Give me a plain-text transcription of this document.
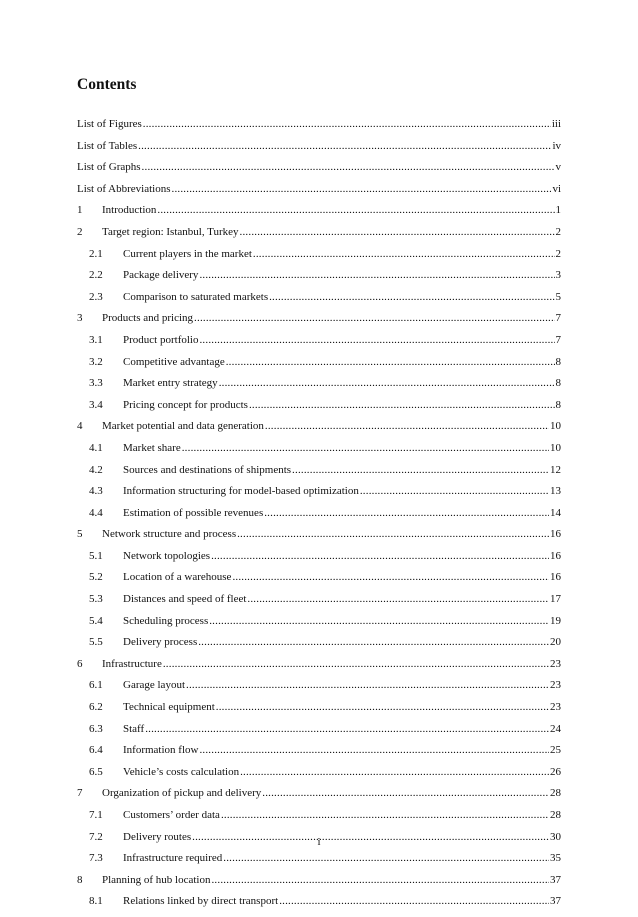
Contents
List of Figures .....	iii
List of Tables .....	iv
List of Graphs .....	v
List of Abbreviations .....	vi
1	Introduction .....	1
2	Target region: Istanbul, Turkey .....	2
2.1	Current players in the market .....	2
2.2	Package delivery .....	3
2.3	Comparison to saturated markets .....	5
3	Products and pricing .....	7
3.1	Product portfolio .....	7
3.2	Competitive advantage .....	8
3.3	Market entry strategy .....	8
3.4	Pricing concept for products .....	8
4	Market potential and data generation .....	10
4.1	Market share .....	10
4.2	Sources and destinations of shipments .....	12
4.3	Information structuring for model-based optimization .....	13
4.4	Estimation of possible revenues .....	14
5	Network structure and process .....	16
5.1	Network topologies .....	16
5.2	Location of a warehouse .....	16
5.3	Distances and speed of fleet .....	17
5.4	Scheduling process .....	19
5.5	Delivery process .....	20
6	Infrastructure .....	23
6.1	Garage layout .....	23
6.2	Technical equipment .....	23
6.3	Staff .....	24
6.4	Information flow .....	25
6.5	Vehicle’s costs calculation .....	26
7	Organization of pickup and delivery .....	28
7.1	Customers’ order data .....	28
7.2	Delivery routes .....	30
7.3	Infrastructure required .....	35
8	Planning of hub location .....	37
8.1	Relations linked by direct transport .....	37
i
